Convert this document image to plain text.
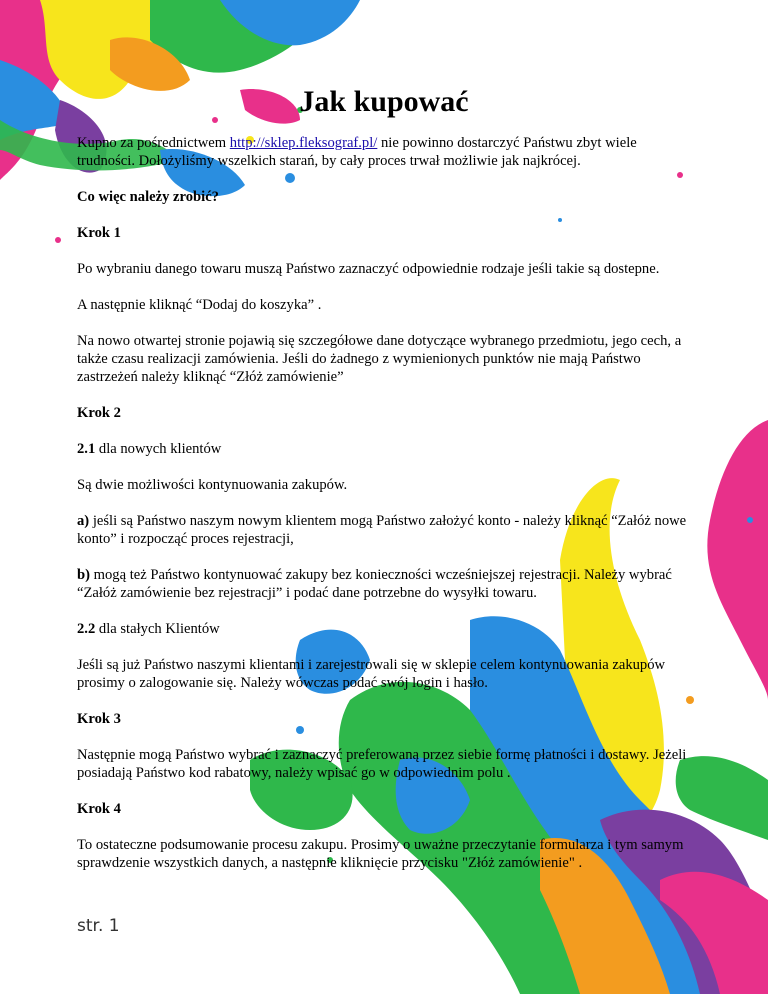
Jak kupować

Kupno za pośrednictwem http://sklep.fleksograf.pl/ nie powinno dostarczyć Państwu zbyt wiele trudności. Dołożyliśmy wszelkich starań, by cały proces trwał możliwie jak najkrócej.

Co więc należy zrobić?

Krok 1

Po wybraniu danego towaru muszą Państwo zaznaczyć odpowiednie rodzaje jeśli takie są dostepne.

A następnie kliknąć “Dodaj do koszyka” .

Na nowo otwartej stronie pojawią się szczegółowe dane dotyczące wybranego przedmiotu, jego cech, a także czasu realizacji zamówienia. Jeśli do żadnego z wymienionych punktów nie mają Państwo zastrzeżeń należy kliknąć “Złóż zamówienie”

Krok 2

2.1 dla nowych klientów

Są dwie możliwości kontynuowania zakupów.

a) jeśli są Państwo naszym nowym klientem mogą Państwo założyć konto - należy kliknąć “Załóż nowe konto” i rozpocząć proces rejestracji,

b) mogą też Państwo kontynuować zakupy bez konieczności wcześniejszej rejestracji. Należy wybrać “Załóż zamówienie bez rejestracji” i podać dane potrzebne do wysyłki towaru.

2.2 dla stałych Klientów

Jeśli są już Państwo naszymi klientami i zarejestrowali się w sklepie celem kontynuowania zakupów prosimy o zalogowanie się. Należy wówczas podać swój login i hasło.

Krok 3

Następnie mogą Państwo wybrać i zaznaczyć preferowaną przez siebie formę płatności i dostawy. Jeżeli posiadają Państwo kod rabatowy, należy wpisać go w odpowiednim polu .

Krok 4

To ostateczne podsumowanie procesu zakupu. Prosimy o uważne przeczytanie formularza i tym samym sprawdzenie wszystkich danych, a następnie kliknięcie przycisku "Złóż zamówienie" .

str. 1
